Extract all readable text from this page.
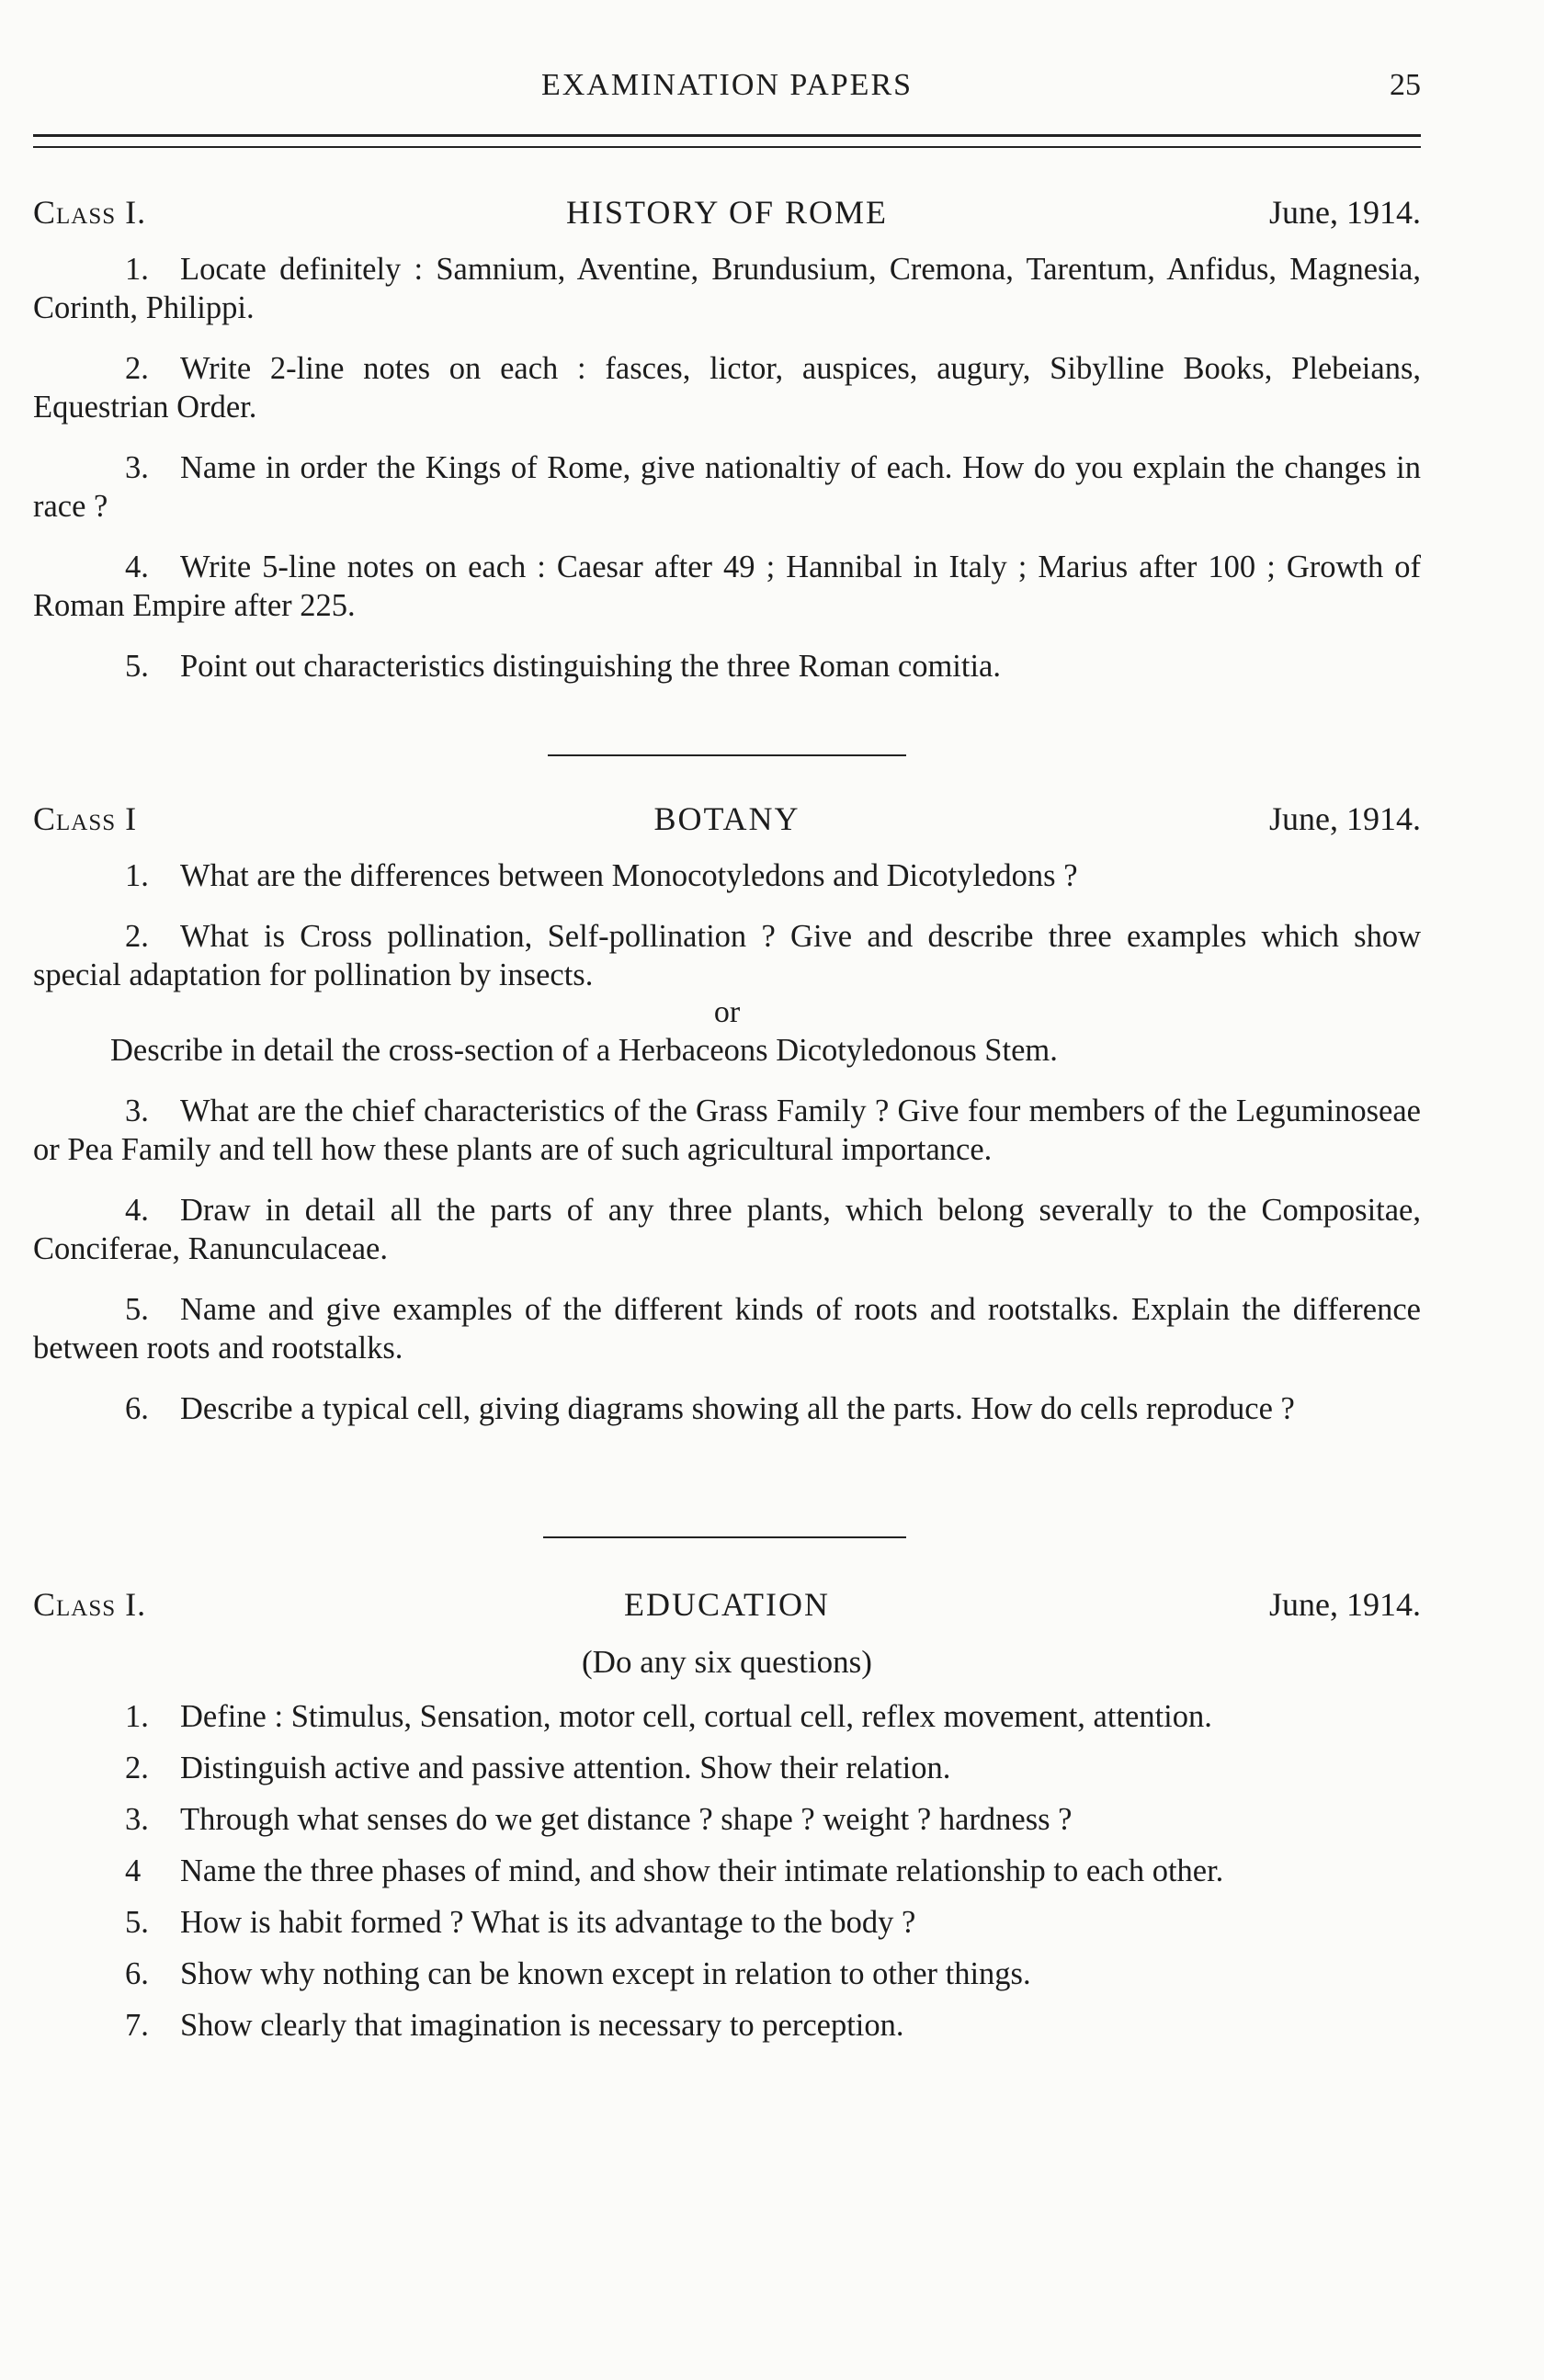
EXAMINATION PAPERS	25
Class I.	HISTORY OF ROME	June, 1914.

1. Locate definitely : Samnium, Aventine, Brundusium, Cremona, Tarentum, Anfidus, Magnesia, Corinth, Philippi.

2. Write 2-line notes on each : fasces, lictor, auspices, augury, Sibylline Books, Plebeians, Equestrian Order.

3. Name in order the Kings of Rome, give nationaltiy of each. How do you explain the changes in race ?

4. Write 5-line notes on each : Caesar after 49 ; Hannibal in Italy ; Marius after 100 ; Growth of Roman Empire after 225.

5. Point out characteristics distinguishing the three Roman comitia.

Class I	BOTANY	June, 1914.

1. What are the differences between Monocotyledons and Dicotyledons ?

2. What is Cross pollination, Self-pollination ? Give and describe three examples which show special adaptation for pollination by insects.

or
Describe in detail the cross-section of a Herbaceons Dicotyledonous Stem.

3. What are the chief characteristics of the Grass Family ? Give four members of the Leguminoseae or Pea Family and tell how these plants are of such agricultural importance.

4. Draw in detail all the parts of any three plants, which belong severally to the Compositae, Conciferae, Ranunculaceae.

5. Name and give examples of the different kinds of roots and rootstalks. Explain the difference between roots and rootstalks.

6. Describe a typical cell, giving diagrams showing all the parts. How do cells reproduce ?

Class I.	EDUCATION	June, 1914.
(Do any six questions)

1. Define : Stimulus, Sensation, motor cell, cortual cell, reflex movement, attention.

2. Distinguish active and passive attention. Show their relation.

3. Through what senses do we get distance ? shape ? weight ? hardness ?

4 Name the three phases of mind, and show their intimate relationship to each other.

5. How is habit formed ? What is its advantage to the body ?

6. Show why nothing can be known except in relation to other things.

7. Show clearly that imagination is necessary to perception.
